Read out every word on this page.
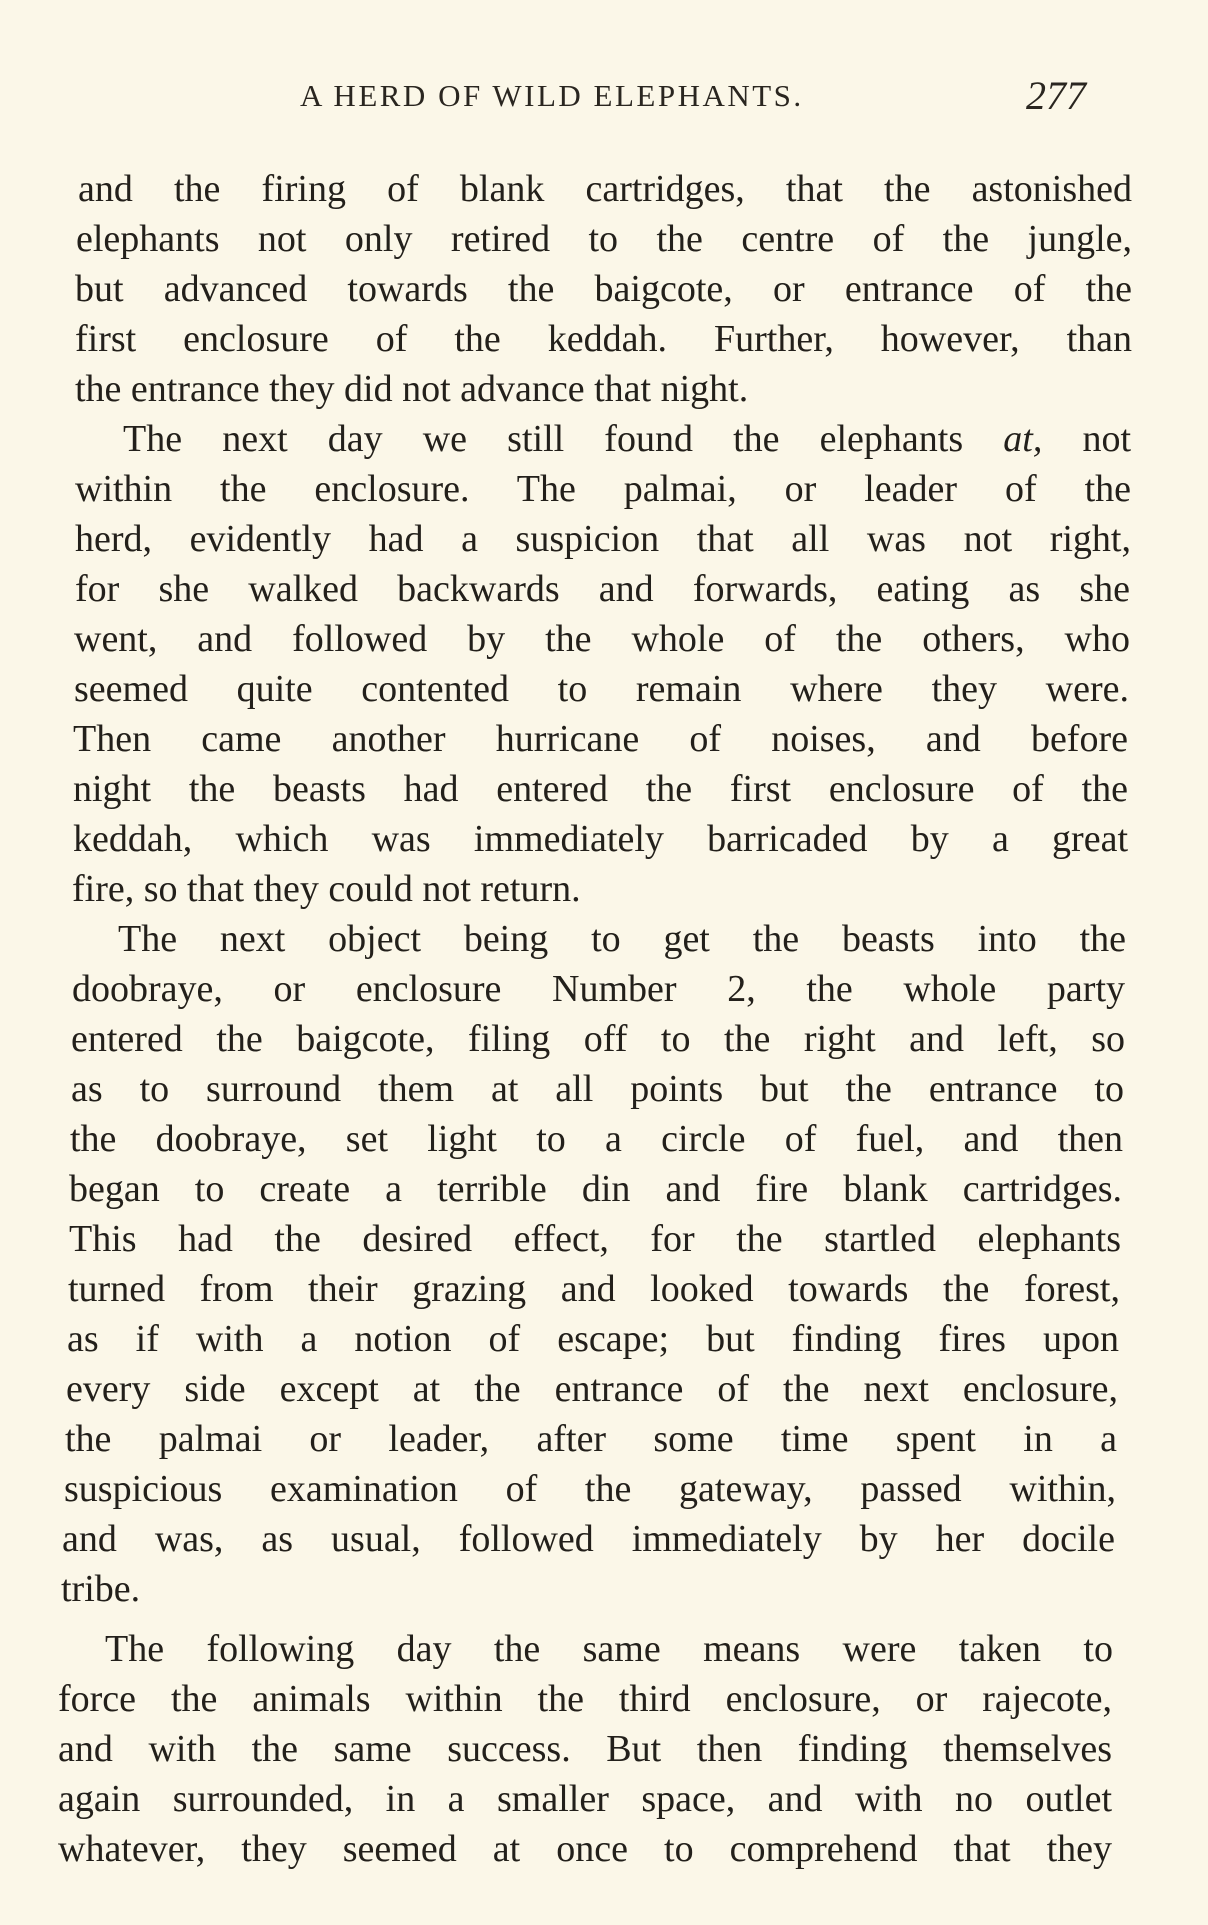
A HERD OF WILD ELEPHANTS.	277
and the firing of blank cartridges, that the astonished
elephants not only retired to the centre of the jungle,
but advanced towards the baigcote, or entrance of the
first enclosure of the keddah. Further, however, than
the entrance they did not advance that night.
The next day we still found the elephants at, not
within the enclosure. The palmai, or leader of the
herd, evidently had a suspicion that all was not right,
for she walked backwards and forwards, eating as she
went, and followed by the whole of the others, who
seemed quite contented to remain where they were.
Then came another hurricane of noises, and before
night the beasts had entered the first enclosure of the
keddah, which was immediately barricaded by a great
fire, so that they could not return.
The next object being to get the beasts into the
doobraye, or enclosure Number 2, the whole party
entered the baigcote, filing off to the right and left, so
as to surround them at all points but the entrance to
the doobraye, set light to a circle of fuel, and then
began to create a terrible din and fire blank cartridges.
This had the desired effect, for the startled elephants
turned from their grazing and looked towards the forest,
as if with a notion of escape; but finding fires upon
every side except at the entrance of the next enclosure,
the palmai or leader, after some time spent in a
suspicious examination of the gateway, passed within,
and was, as usual, followed immediately by her docile
tribe.
The following day the same means were taken to
force the animals within the third enclosure, or rajecote,
and with the same success. But then finding themselves
again surrounded, in a smaller space, and with no outlet
whatever, they seemed at once to comprehend that they
